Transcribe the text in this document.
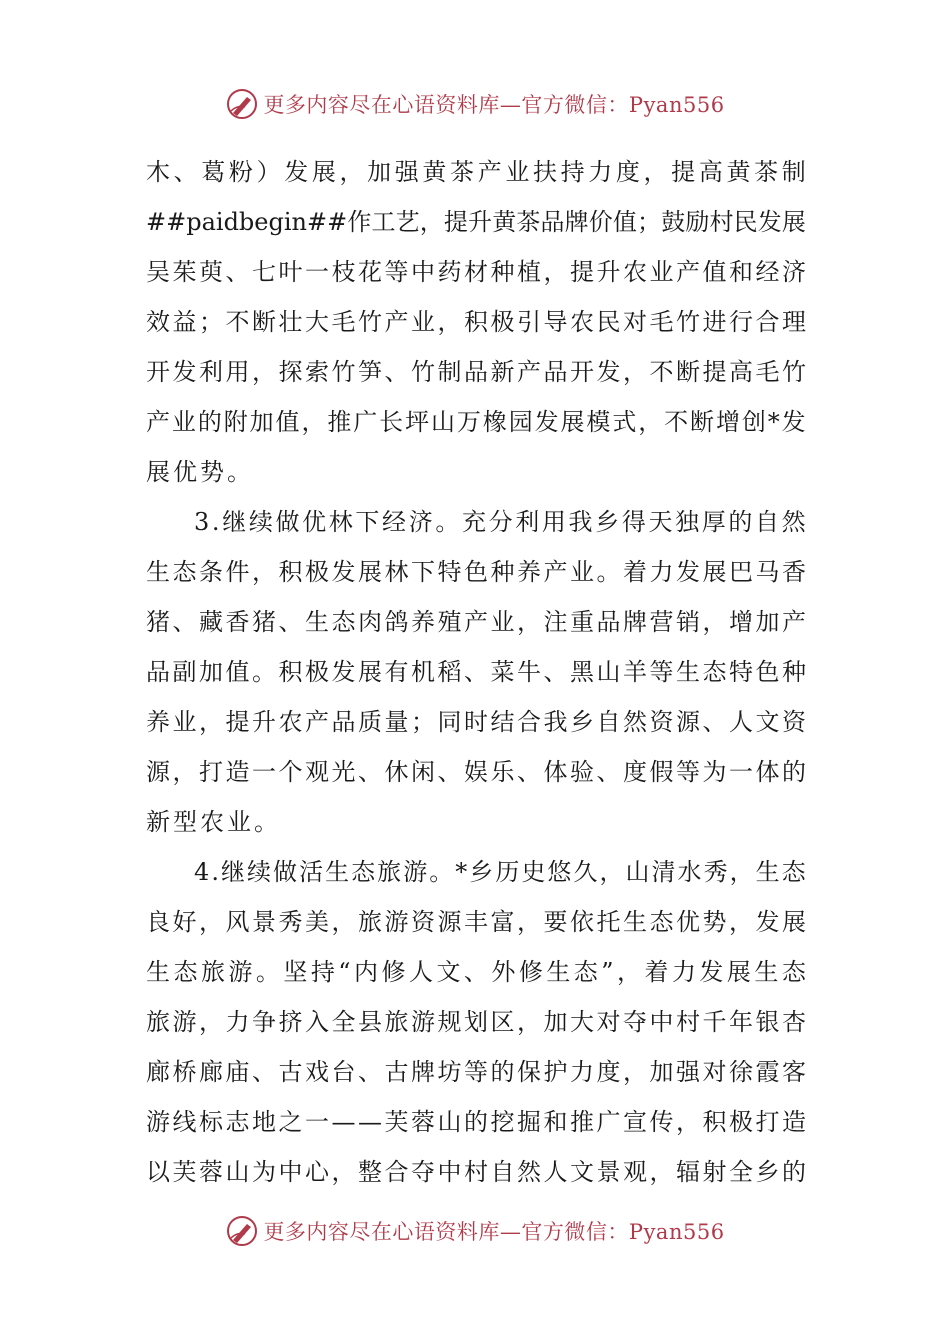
更多内容尽在心语资料库—官方微信：Pyan556
木 、 葛 粉 ） 发 展 ， 加 强 黄 茶 产 业 扶 持 力 度 ， 提 高 黄 茶 制
##paidbegin## 作 工 艺 ， 提 升 黄 茶 品 牌 价 值 ； 鼓 励 村 民 发 展
吴 茱 萸 、 七 叶 一 枝 花 等 中 药 材 种 植 ， 提 升 农 业 产 值 和 经 济
效 益 ； 不 断 壮 大 毛 竹 产 业 ， 积 极 引 导 农 民 对 毛 竹 进 行 合 理
开 发 利 用 ， 探 索 竹 笋 、 竹 制 品 新 产 品 开 发 ， 不 断 提 高 毛 竹
产 业 的 附 加 值 ， 推 广 长 坪 山 万 橡 园 发 展 模 式 ， 不 断 增 创 * 发
展优势。
3 . 继 续 做 优 林 下 经 济 。 充 分 利 用 我 乡 得 天 独 厚 的 自 然
生 态 条 件 ， 积 极 发 展 林 下 特 色 种 养 产 业 。 着 力 发 展 巴 马 香
猪 、 藏 香 猪 、 生 态 肉 鸽 养 殖 产 业 ， 注 重 品 牌 营 销 ， 增 加 产
品 副 加 值 。 积 极 发 展 有 机 稻 、 菜 牛 、 黑 山 羊 等 生 态 特 色 种
养 业 ， 提 升 农 产 品 质 量 ； 同 时 结 合 我 乡 自 然 资 源 、 人 文 资
源 ， 打 造 一 个 观 光 、 休 闲 、 娱 乐 、 体 验 、 度 假 等 为 一 体 的
新型农业。
4 . 继 续 做 活 生 态 旅 游 。 * 乡 历 史 悠 久 ， 山 清 水 秀 ， 生 态
良 好 ， 风 景 秀 美 ， 旅 游 资 源 丰 富 ， 要 依 托 生 态 优 势 ， 发 展
生 态 旅 游 。 坚 持 “ 内 修 人 文 、 外 修 生 态 ” ， 着 力 发 展 生 态
旅 游 ， 力 争 挤 入 全 县 旅 游 规 划 区 ， 加 大 对 夺 中 村 千 年 银 杏
廊 桥 廊 庙 、 古 戏 台 、 古 牌 坊 等 的 保 护 力 度 ， 加 强 对 徐 霞 客
游 线 标 志 地 之 一 — — 芙 蓉 山 的 挖 掘 和 推 广 宣 传 ， 积 极 打 造
以 芙 蓉 山 为 中 心 ， 整 合 夺 中 村 自 然 人 文 景 观 ， 辐 射 全 乡 的
更多内容尽在心语资料库—官方微信：Pyan556
